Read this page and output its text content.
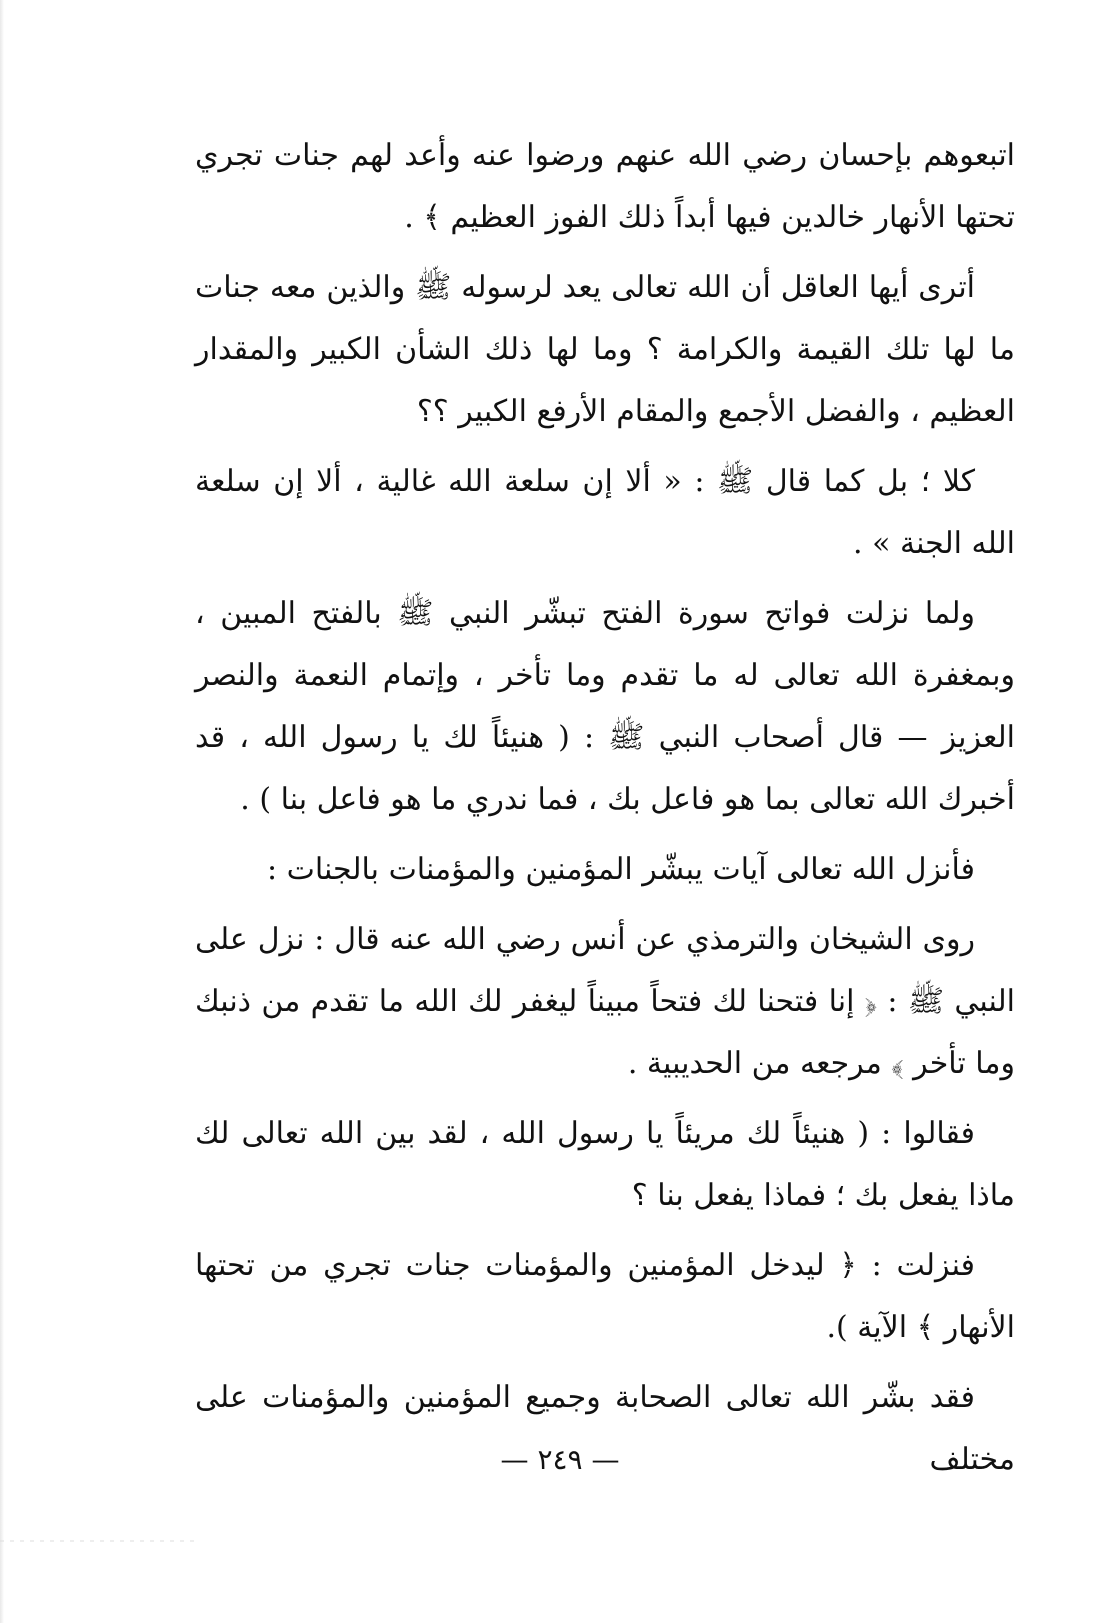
اتبعوهم بإحسان رضي الله عنهم ورضوا عنه وأعد لهم جنات تجري تحتها الأنهار خالدين فيها أبداً ذلك الفوز العظيم ﴾ .

أترى أيها العاقل أن الله تعالى يعد لرسوله ﷺ والذين معه جنات ما لها تلك القيمة والكرامة ؟ وما لها ذلك الشأن الكبير والمقدار العظيم ، والفضل الأجمع والمقام الأرفع الكبير ؟؟

كلا ؛ بل كما قال ﷺ : « ألا إن سلعة الله غالية ، ألا إن سلعة الله الجنة » .

ولما نزلت فواتح سورة الفتح تبشّر النبي ﷺ بالفتح المبين ، وبمغفرة الله تعالى له ما تقدم وما تأخر ، وإتمام النعمة والنصر العزيز — قال أصحاب النبي ﷺ : ( هنيئاً لك يا رسول الله ، قد أخبرك الله تعالى بما هو فاعل بك ، فما ندري ما هو فاعل بنا ) .

فأنزل الله تعالى آيات يبشّر المؤمنين والمؤمنات بالجنات :

روى الشيخان والترمذي عن أنس رضي الله عنه قال : نزل على النبي ﷺ : ﴿ إنا فتحنا لك فتحاً مبيناً ليغفر لك الله ما تقدم من ذنبك وما تأخر ﴾ مرجعه من الحديبية .

فقالوا : ( هنيئاً لك مريئاً يا رسول الله ، لقد بين الله تعالى لك ماذا يفعل بك ؛ فماذا يفعل بنا ؟

فنزلت : ﴿ ليدخل المؤمنين والمؤمنات جنات تجري من تحتها الأنهار ﴾ الآية ).

فقد بشّر الله تعالى الصحابة وجميع المؤمنين والمؤمنات على مختلف

— ٢٤٩ —
